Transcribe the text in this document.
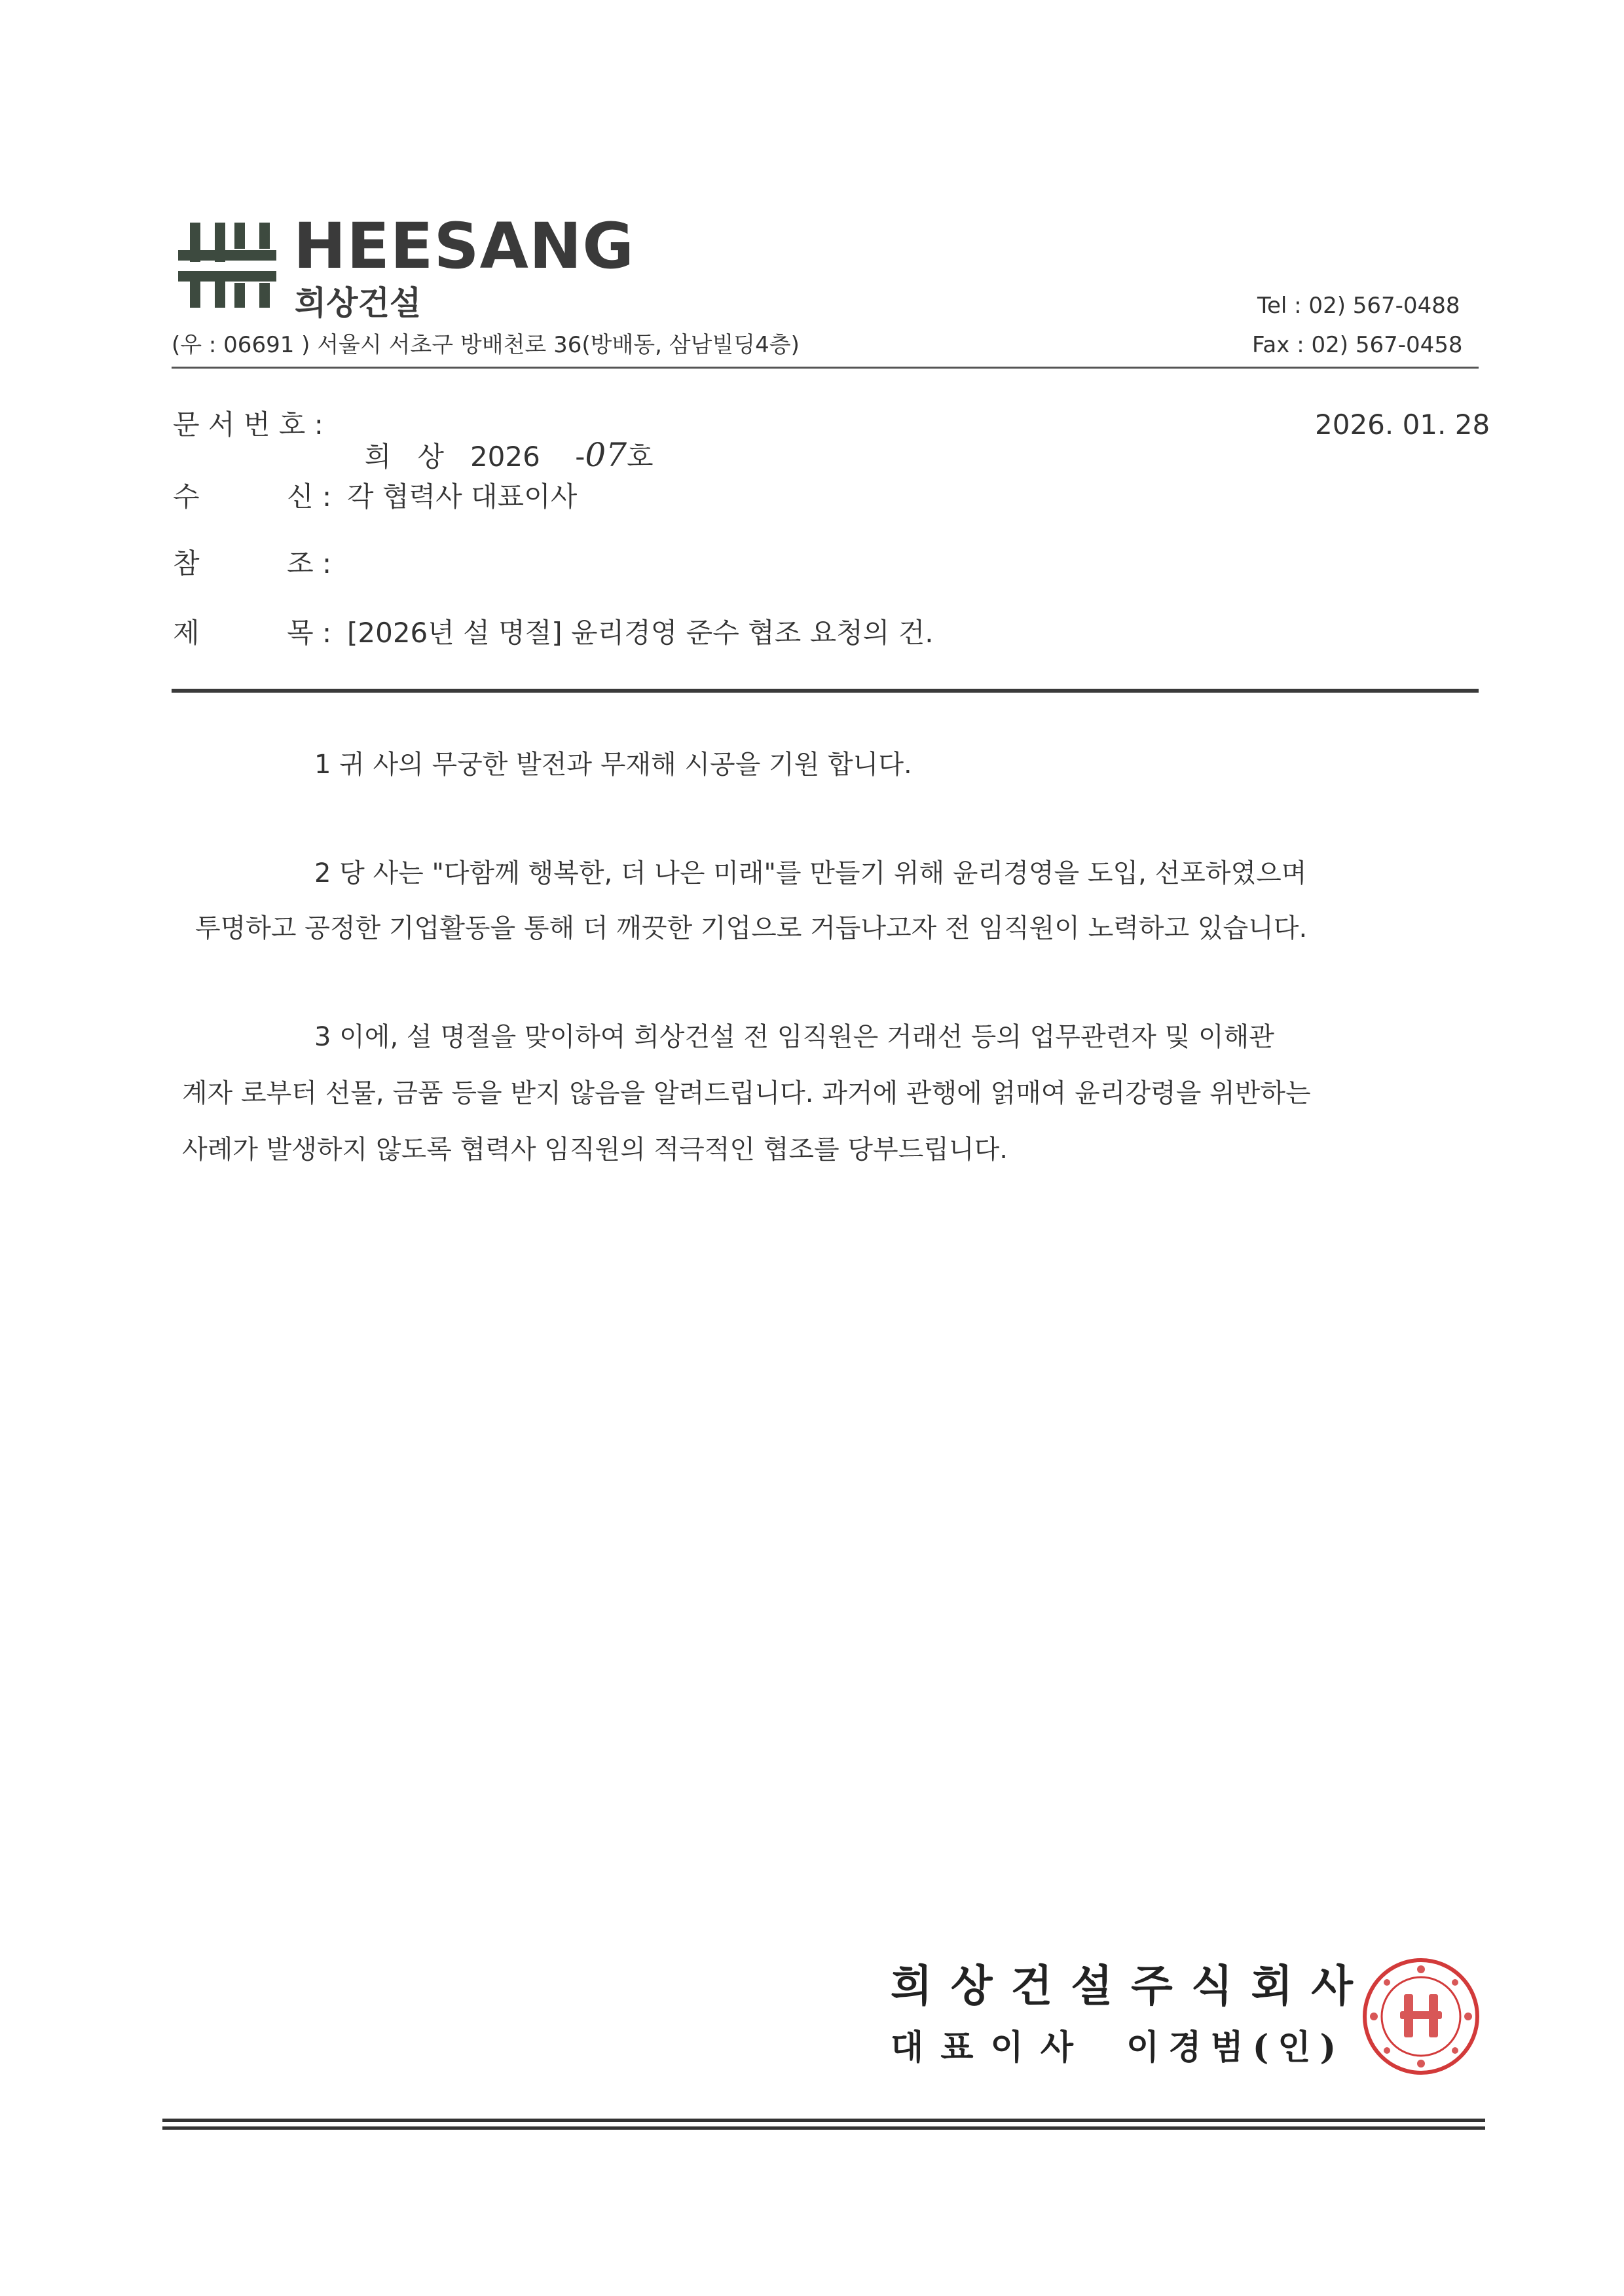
HEESANG
희상건설
(우 : 06691 ) 서울시 서초구 방배천로 36(방배동, 삼남빌딩4층)
Tel : 02) 567-0488
Fax : 02) 567-0458
문 서 번 호 :

희   상   2026    -07호

2026. 01. 28
수          신 : 각 협력사 대표이사
참          조 :
제          목 : [2026년 설 명절] 윤리경영 준수 협조 요청의 건.
1 귀 사의 무궁한 발전과 무재해 시공을 기원 합니다.
2 당 사는 "다함께 행복한, 더 나은 미래"를 만들기 위해 윤리경영을 도입, 선포하였으며
투명하고 공정한 기업활동을 통해 더 깨끗한 기업으로 거듭나고자 전 임직원이 노력하고 있습니다.
3 이에, 설 명절을 맞이하여 희상건설 전 임직원은 거래선 등의 업무관련자 및 이해관
계자 로부터 선물, 금품 등을 받지 않음을 알려드립니다. 과거에 관행에 얽매여 윤리강령을 위반하는
사례가 발생하지 않도록 협력사 임직원의 적극적인 협조를 당부드립니다.
희상건설주식회사
대표이사 이경범(인)
